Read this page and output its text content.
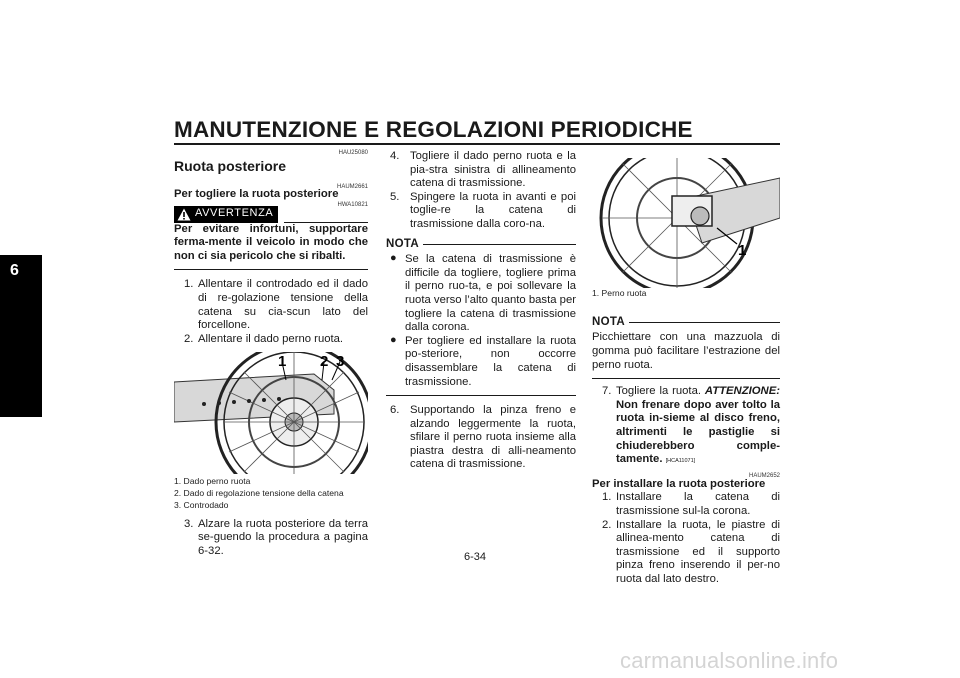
MANUTENZIONE E REGOLAZIONI PERIODICHE
6
HAU25080
Ruota posteriore
HAUM2661
Per togliere la ruota posteriore
AVVERTENZA
HWA10821
Per evitare infortuni, supportare ferma-mente il veicolo in modo che non ci sia pericolo che si ribalti.
1. Allentare il controdado ed il dado di re-golazione tensione della catena su cia-scun lato del forcellone.
2. Allentare il dado perno ruota.
1 2 3
1. Dado perno ruota
2. Dado di regolazione tensione della catena
3. Controdado
3. Alzare la ruota posteriore da terra se-guendo la procedura a pagina 6-32.
4. Togliere il dado perno ruota e la pia-stra sinistra di allineamento catena di trasmissione.
5. Spingere la ruota in avanti e poi toglie-re la catena di trasmissione dalla coro-na.
NOTA
● Se la catena di trasmissione è difficile da togliere, togliere prima il perno ruo-ta, e poi sollevare la ruota verso l’alto quanto basta per togliere la catena di trasmissione dalla corona.
● Per togliere ed installare la ruota po-steriore, non occorre disassemblare la catena di trasmissione.
6. Supportando la pinza freno e alzando leggermente la ruota, sfilare il perno ruota insieme alla piastra destra di alli-neamento catena di trasmissione.
1
1. Perno ruota
NOTA
Picchiettare con una mazzuola di gomma può facilitare l’estrazione del perno ruota.
7. Togliere la ruota. ATTENZIONE: Non frenare dopo aver tolto la ruota in-sieme al disco freno, altrimenti le pastiglie si chiuderebbero comple-tamente. [HCA11071]
HAUM2652
Per installare la ruota posteriore
1. Installare la catena di trasmissione sul-la corona.
2. Installare la ruota, le piastre di allinea-mento catena di trasmissione ed il supporto pinza freno inserendo il per-no ruota dal lato destro.
6-34
carmanualsonline.info
